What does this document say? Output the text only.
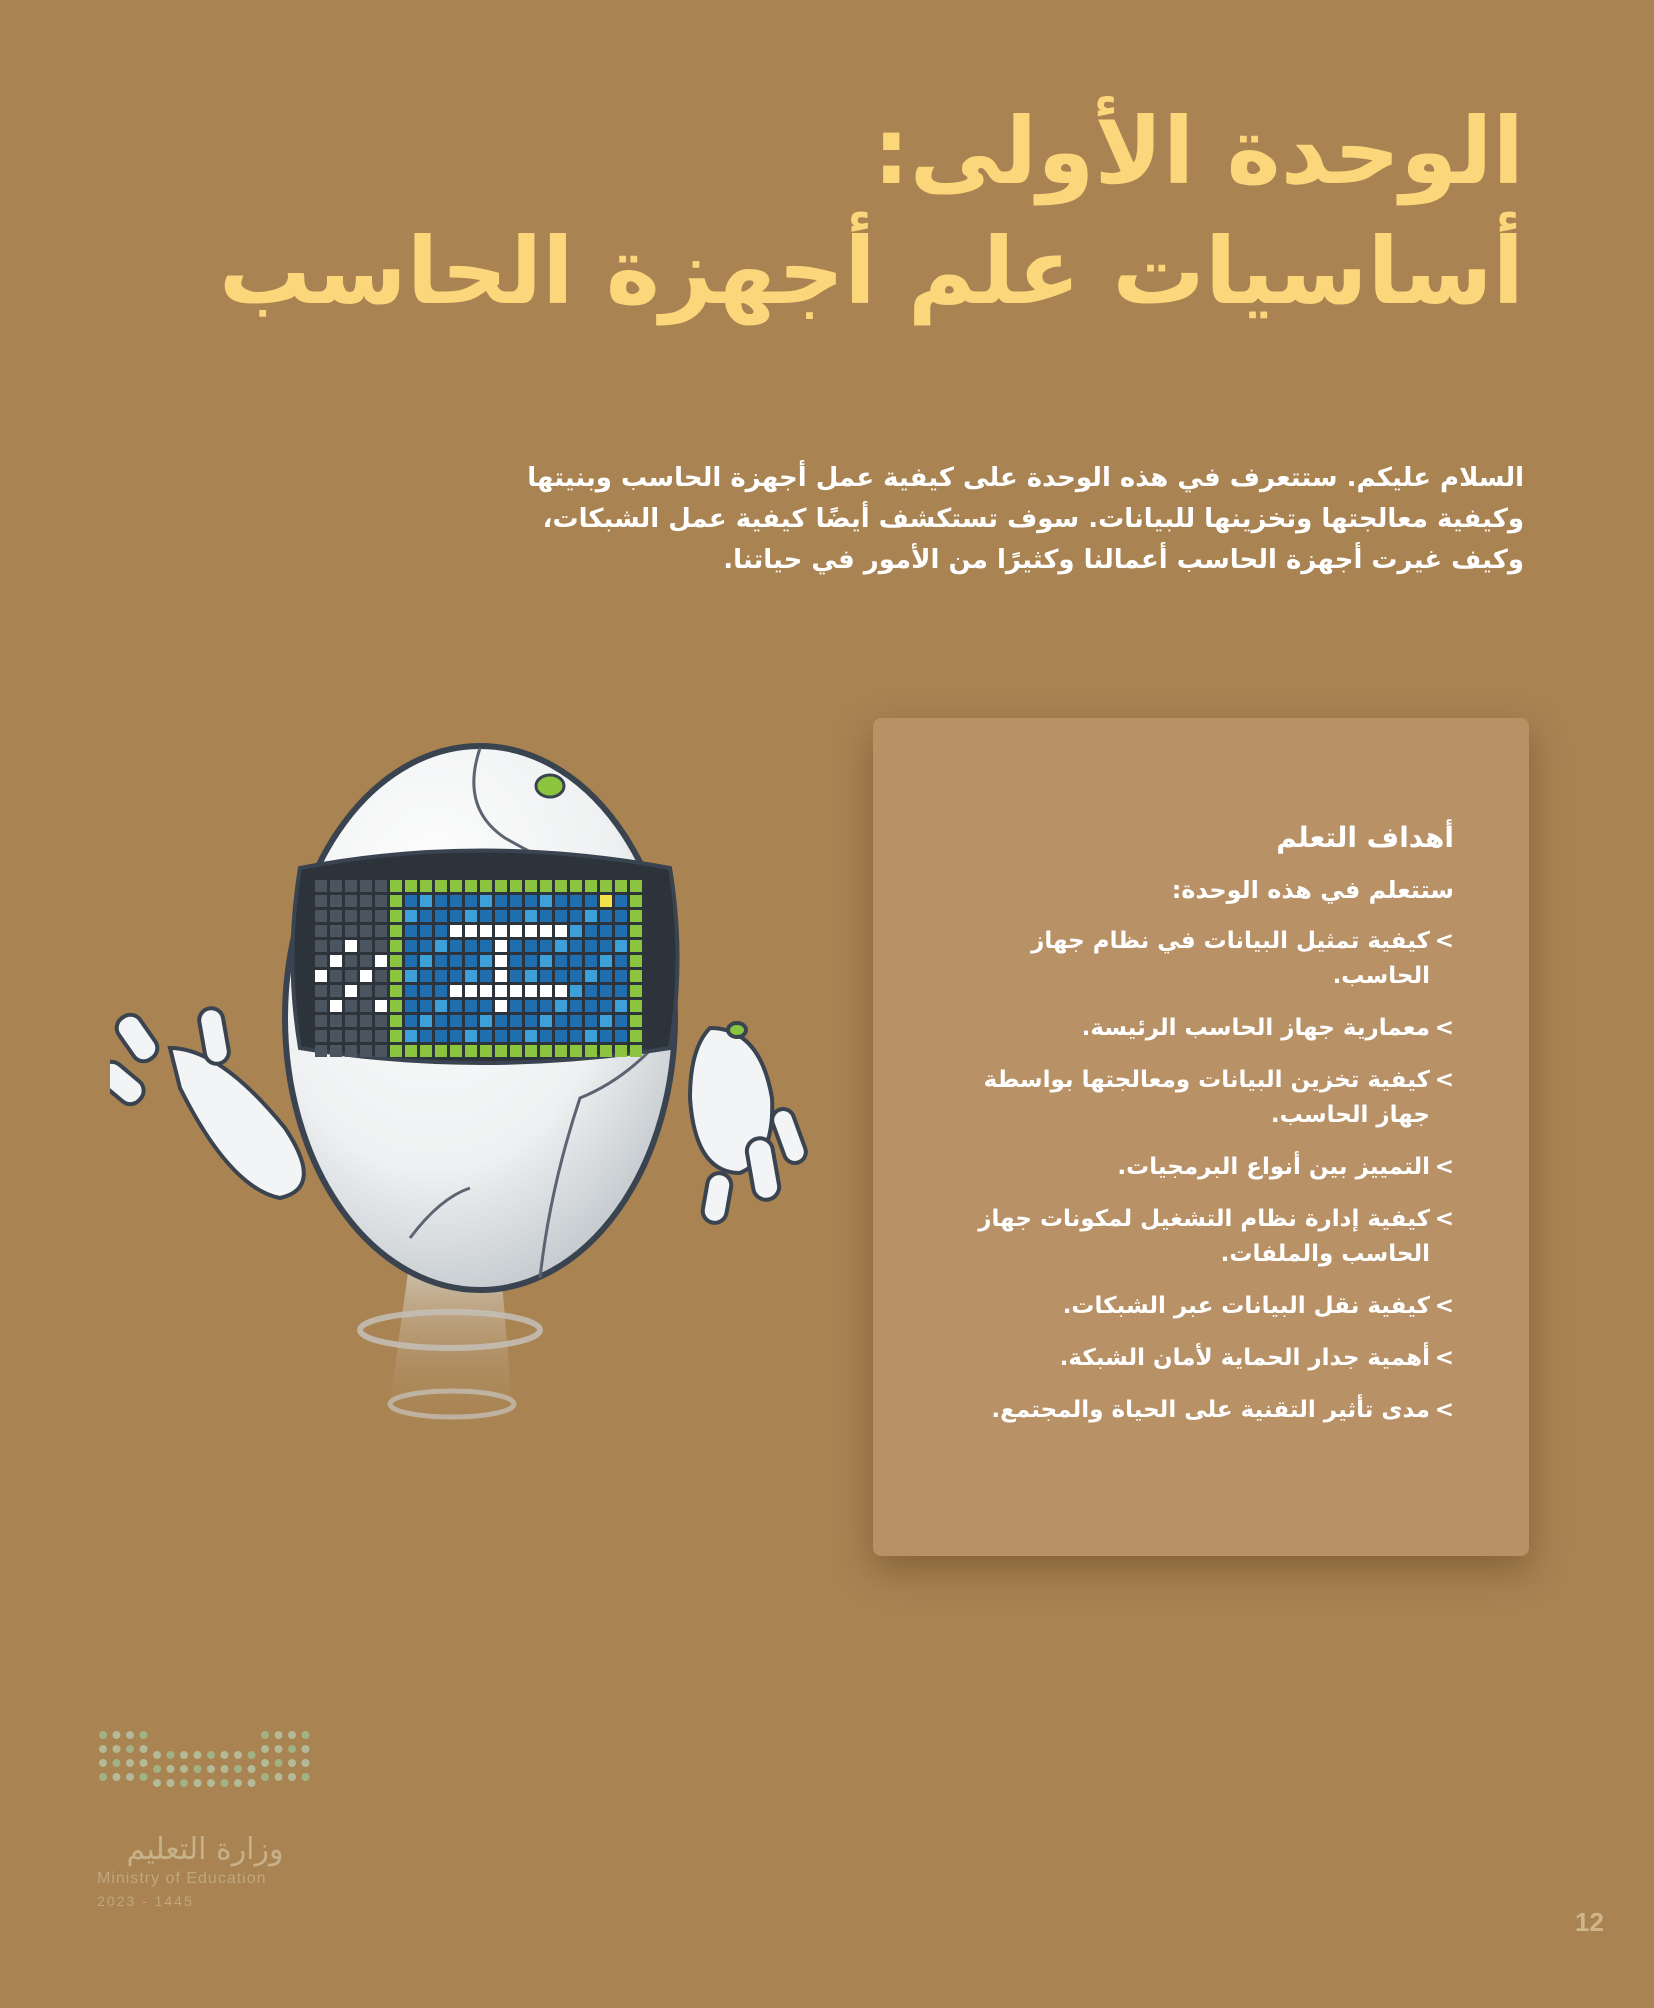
الوحدة الأولى:
أساسيات علم أجهزة الحاسب

السلام عليكم. ستتعرف في هذه الوحدة على كيفية عمل أجهزة الحاسب وبنيتها وكيفية معالجتها وتخزينها للبيانات. سوف تستكشف أيضًا كيفية عمل الشبكات، وكيف غيرت أجهزة الحاسب أعمالنا وكثيرًا من الأمور في حياتنا.

أهداف التعلم

ستتعلم في هذه الوحدة:

>
كيفية تمثيل البيانات في نظام جهاز الحاسب.
>
معمارية جهاز الحاسب الرئيسة.
>
كيفية تخزين البيانات ومعالجتها بواسطة جهاز الحاسب.
>
التمييز بين أنواع البرمجيات.
>
كيفية إدارة نظام التشغيل لمكونات جهاز الحاسب والملفات.
>
كيفية نقل البيانات عبر الشبكات.
>
أهمية جدار الحماية لأمان الشبكة.
>
مدى تأثير التقنية على الحياة والمجتمع.
وزارة التعليم
Ministry of Education
2023 - 1445
12
